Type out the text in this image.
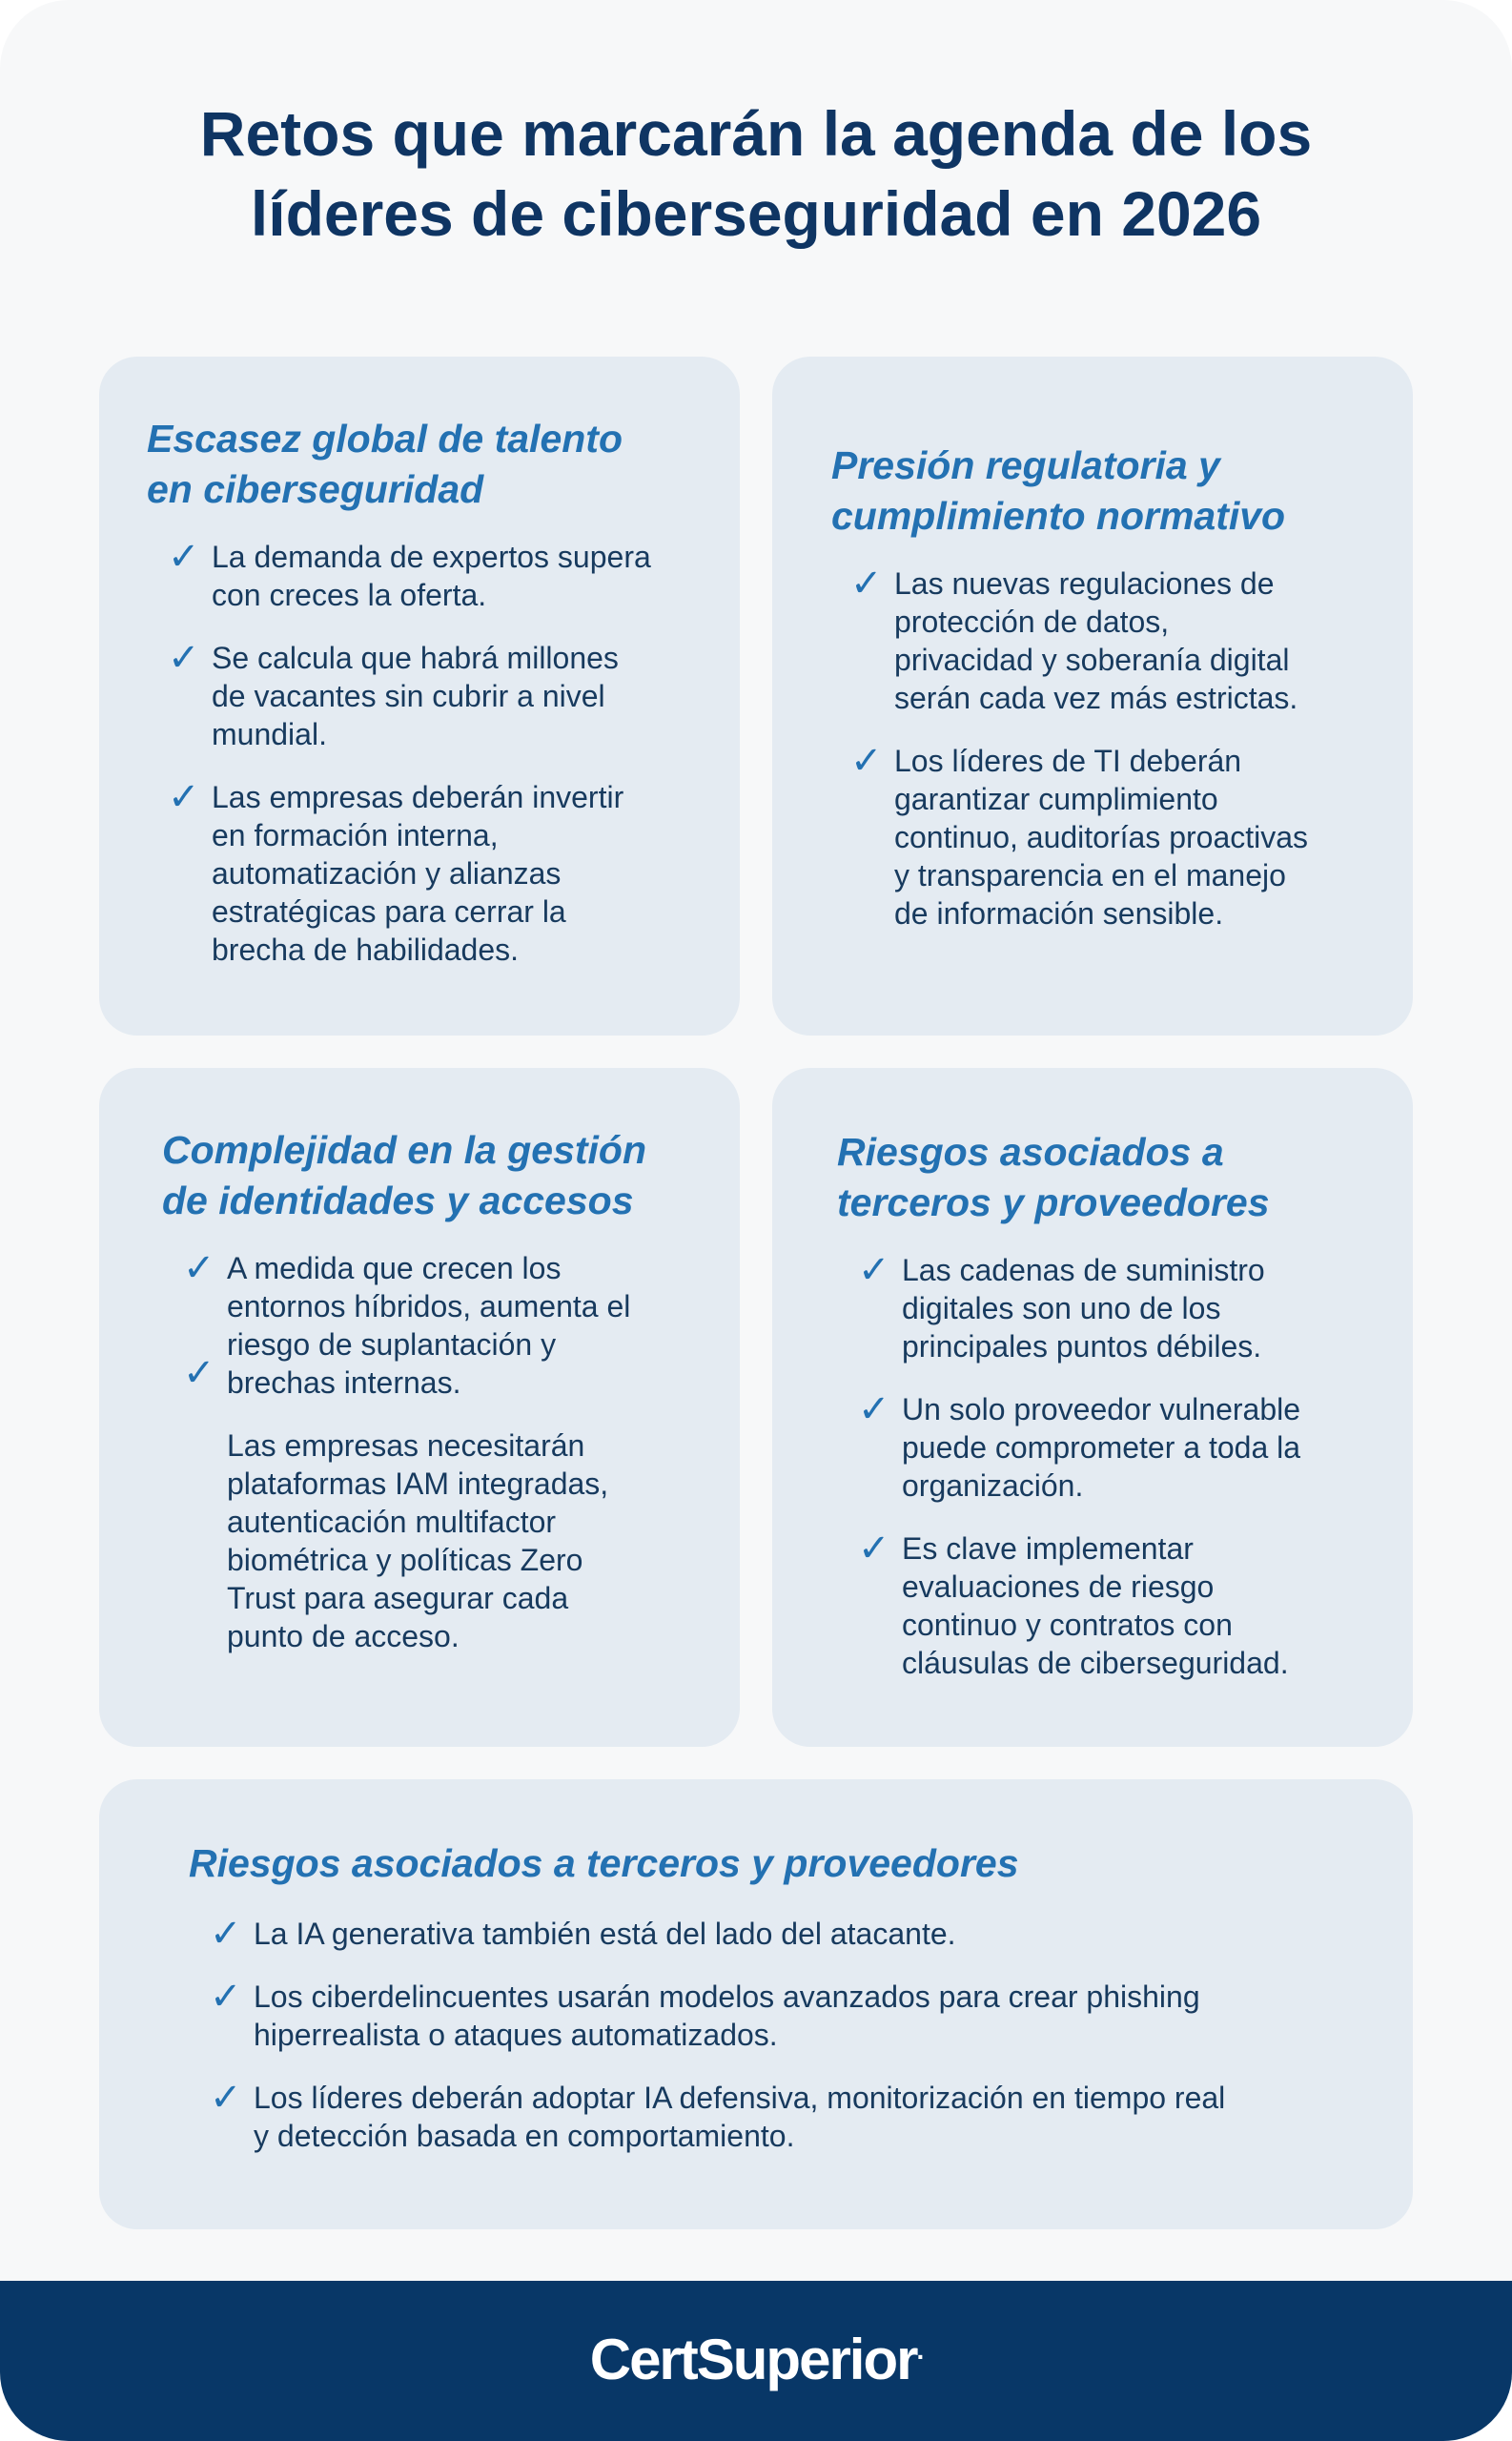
Retos que marcarán la agenda de los
líderes de ciberseguridad en 2026
Escasez global de talento
en ciberseguridad
✓ La demanda de expertos supera
con creces la oferta.
✓ Se calcula que habrá millones
de vacantes sin cubrir a nivel
mundial.
✓ Las empresas deberán invertir
en formación interna,
automatización y alianzas
estratégicas para cerrar la
brecha de habilidades.
Presión regulatoria y
cumplimiento normativo
✓ Las nuevas regulaciones de
protección de datos,
privacidad y soberanía digital
serán cada vez más estrictas.
✓ Los líderes de TI deberán
garantizar cumplimiento
continuo, auditorías proactivas
y transparencia en el manejo
de información sensible.
Complejidad en la gestión
de identidades y accesos
✓
✓
A medida que crecen los
entornos híbridos, aumenta el
riesgo de suplantación y
brechas internas.
Las empresas necesitarán
plataformas IAM integradas,
autenticación multifactor
biométrica y políticas Zero
Trust para asegurar cada
punto de acceso.
Riesgos asociados a
terceros y proveedores
✓ Las cadenas de suministro
digitales son uno de los
principales puntos débiles.
✓ Un solo proveedor vulnerable
puede comprometer a toda la
organización.
✓ Es clave implementar
evaluaciones de riesgo
continuo y contratos con
cláusulas de ciberseguridad.
Riesgos asociados a terceros y proveedores
✓ La IA generativa también está del lado del atacante.
✓ Los ciberdelincuentes usarán modelos avanzados para crear phishing
hiperrealista o ataques automatizados.
✓ Los líderes deberán adoptar IA defensiva, monitorización en tiempo real
y detección basada en comportamiento.
CertSuperior.
